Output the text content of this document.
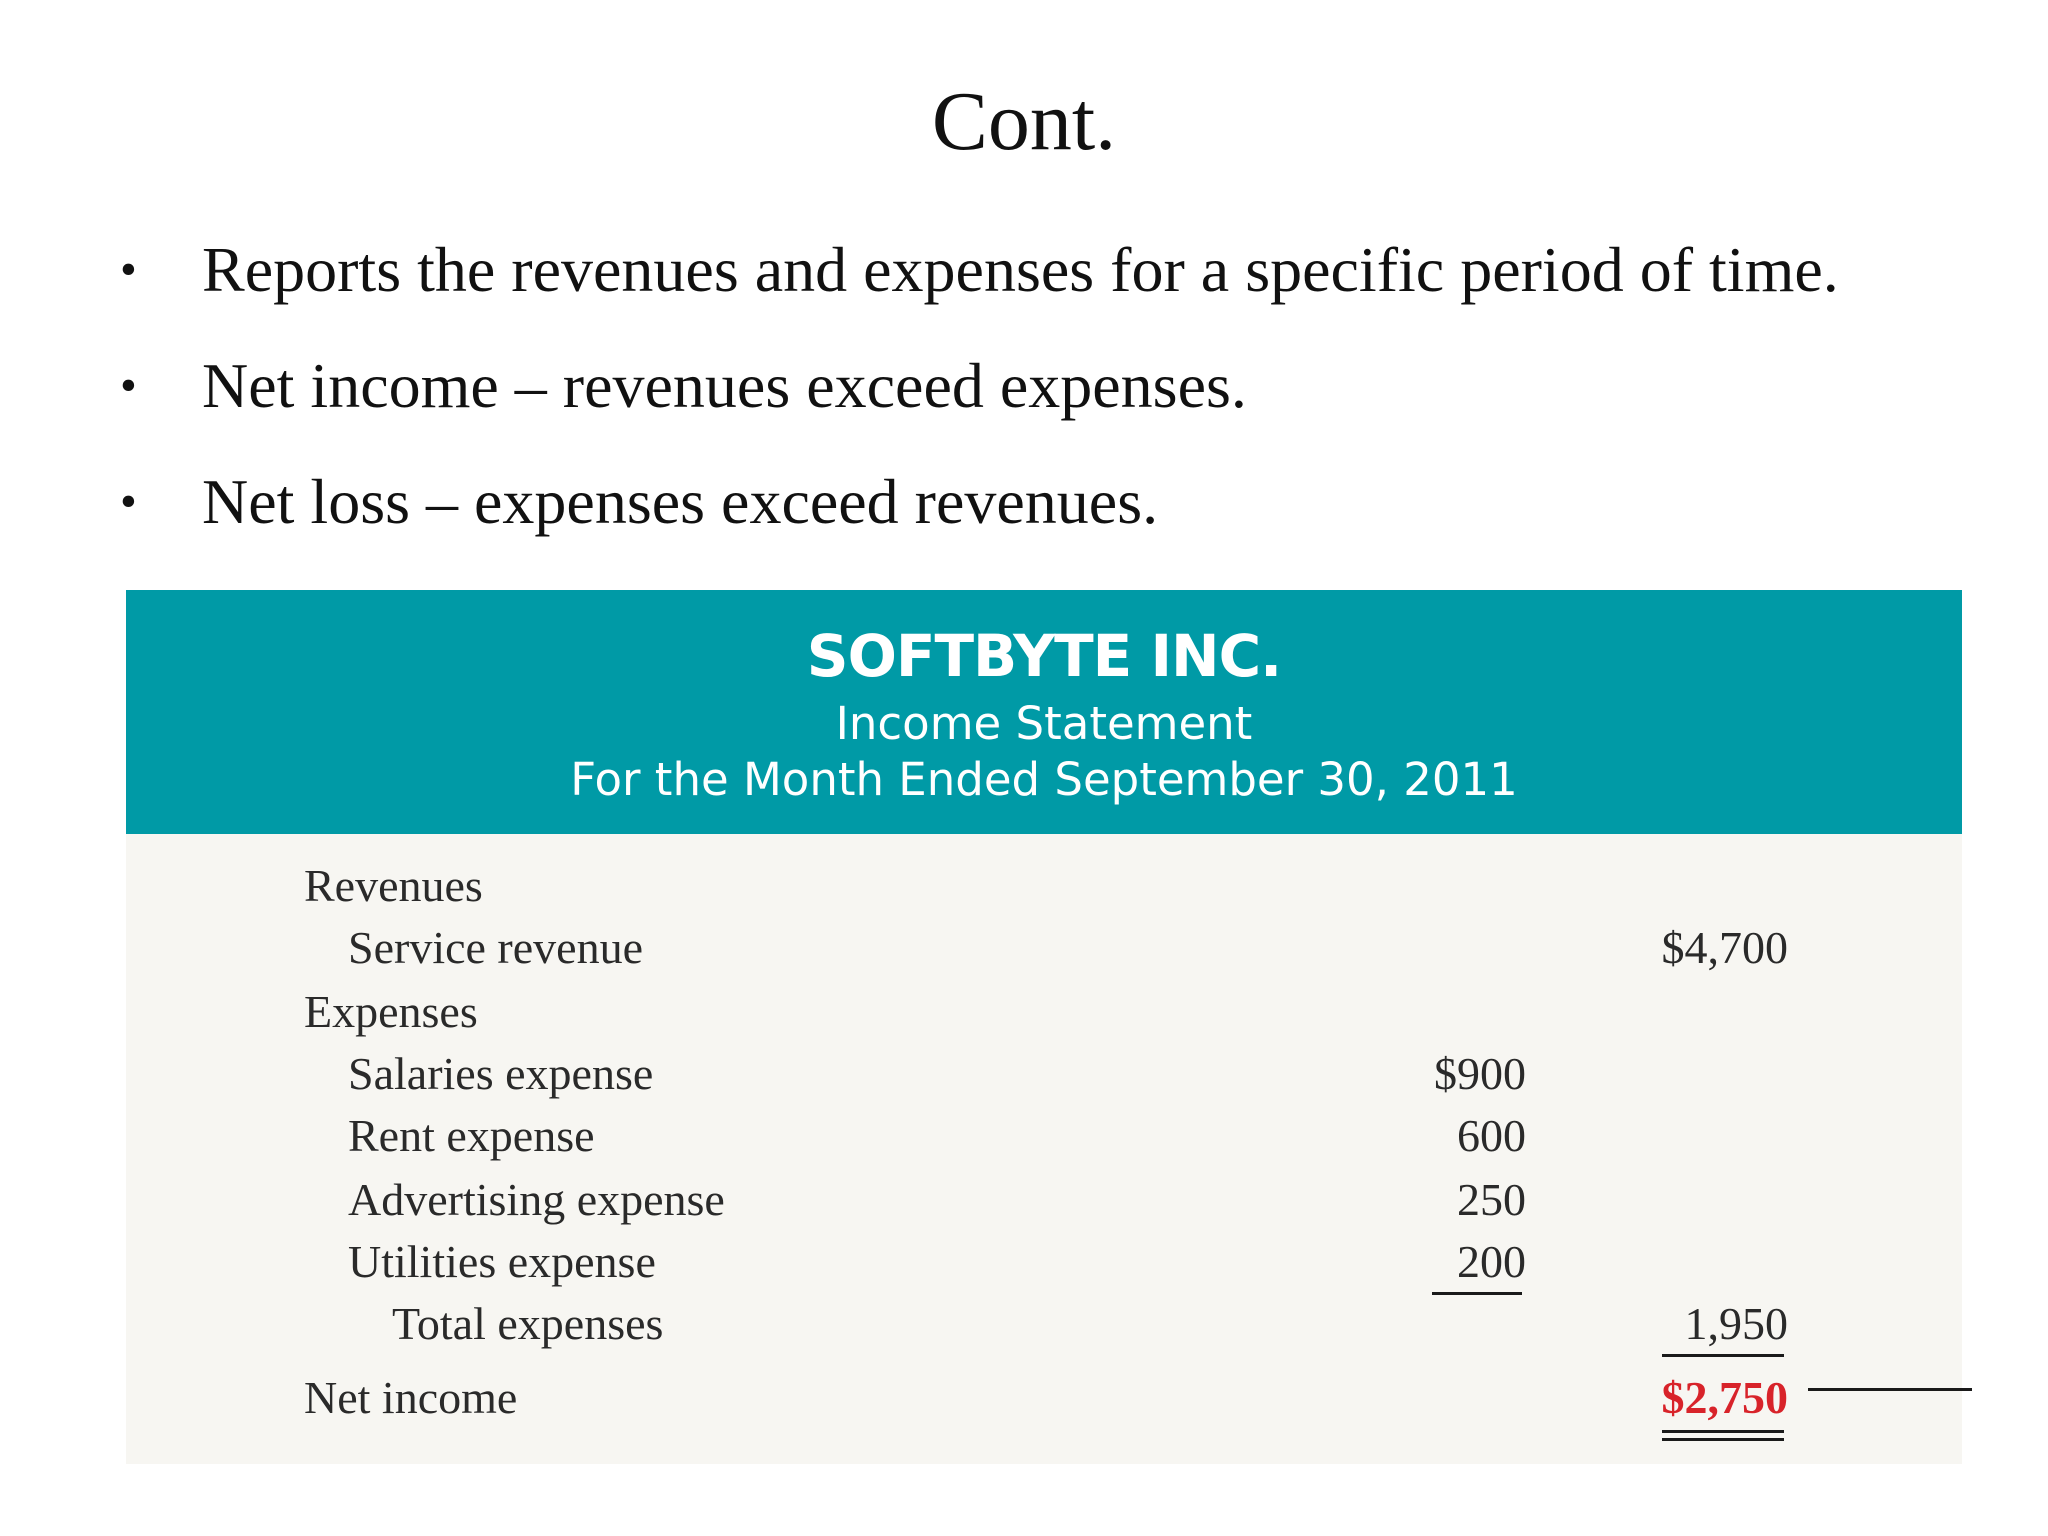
Cont.
• Reports the revenues and expenses for a specific period of time.
• Net income – revenues exceed expenses.
• Net loss – expenses exceed revenues.
SOFTBYTE INC.
Income Statement
For the Month Ended September 30, 2011
Revenues
Service revenue	$4,700
Expenses
Salaries expense	$900
Rent expense	600
Advertising expense	250
Utilities expense	200
Total expenses	1,950
Net income	$2,750
